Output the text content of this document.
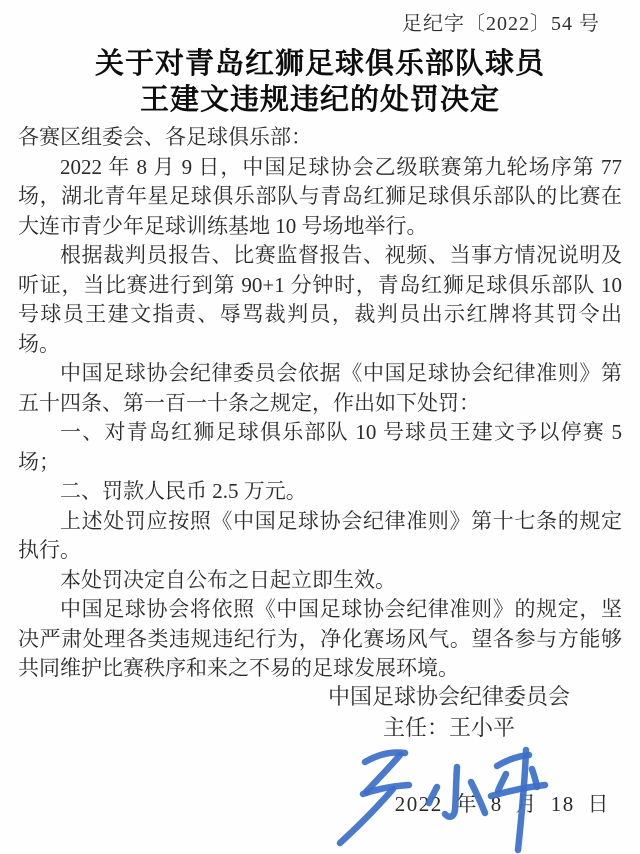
足纪字〔2022〕54 号
关于对青岛红狮足球俱乐部队球员
王建文违规违纪的处罚决定

各赛区组委会、各足球俱乐部：

2022 年 8 月 9 日，中国足球协会乙级联赛第九轮场序第 77 场，湖北青年星足球俱乐部队与青岛红狮足球俱乐部队的比赛在大连市青少年足球训练基地 10 号场地举行。

根据裁判员报告、比赛监督报告、视频、当事方情况说明及听证，当比赛进行到第 90+1 分钟时，青岛红狮足球俱乐部队 10 号球员王建文指责、辱骂裁判员，裁判员出示红牌将其罚令出场。

中国足球协会纪律委员会依据《中国足球协会纪律准则》第五十四条、第一百一十条之规定，作出如下处罚：

一、对青岛红狮足球俱乐部队 10 号球员王建文予以停赛 5 场；

二、罚款人民币 2.5 万元。

上述处罚应按照《中国足球协会纪律准则》第十七条的规定执行。

本处罚决定自公布之日起立即生效。

中国足球协会将依照《中国足球协会纪律准则》的规定，坚决严肃处理各类违规违纪行为，净化赛场风气。望各参与方能够共同维护比赛秩序和来之不易的足球发展环境。

中国足球协会纪律委员会
主任：王小平
2022 年 8 月 18 日
